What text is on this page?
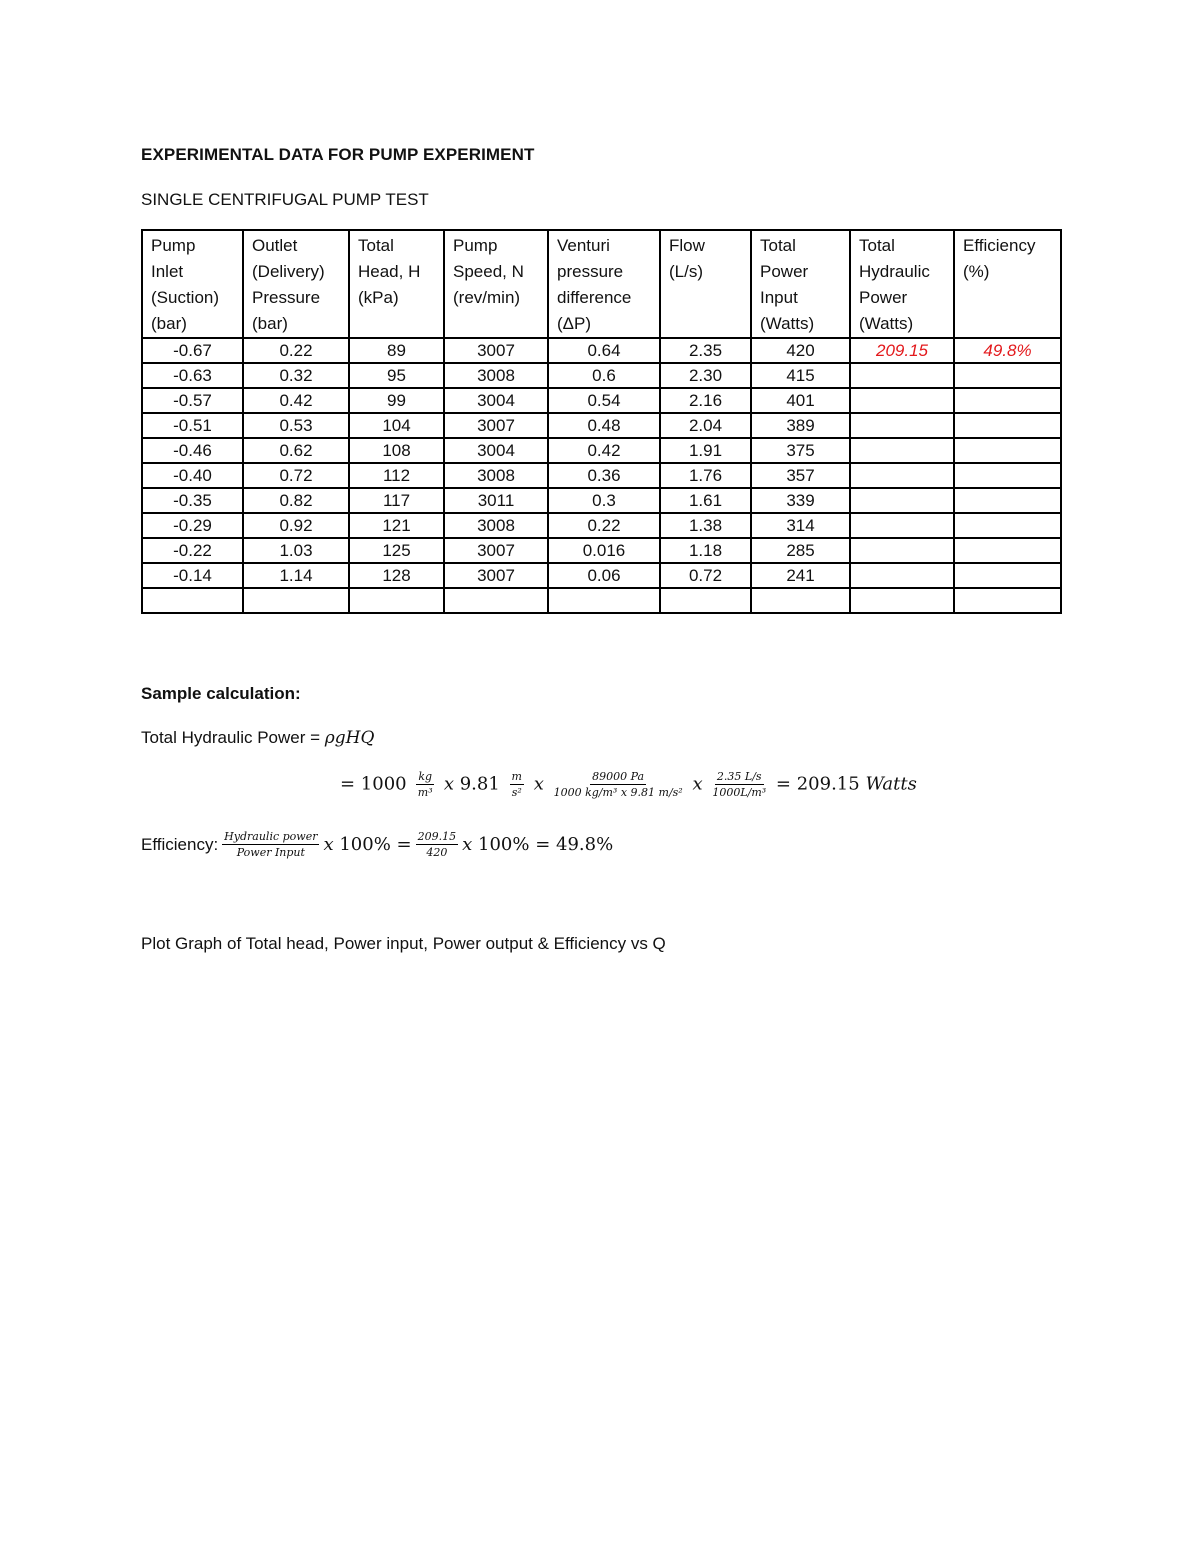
EXPERIMENTAL DATA FOR PUMP EXPERIMENT
SINGLE CENTRIFUGAL PUMP TEST
Pump
Inlet
(Suction)
(bar)	Outlet
(Delivery)
Pressure
(bar)	Total
Head, H
(kPa)	Pump
Speed, N
(rev/min)	Venturi
pressure
difference
(ΔP)	Flow
(L/s)	Total
Power
Input
(Watts)	Total
Hydraulic
Power
(Watts)	Efficiency
(%)
-0.67	0.22	89	3007	0.64	2.35	420	209.15	49.8%
-0.63	0.32	95	3008	0.6	2.30	415		
-0.57	0.42	99	3004	0.54	2.16	401		
-0.51	0.53	104	3007	0.48	2.04	389		
-0.46	0.62	108	3004	0.42	1.91	375		
-0.40	0.72	112	3008	0.36	1.76	357		
-0.35	0.82	117	3011	0.3	1.61	339		
-0.29	0.92	121	3008	0.22	1.38	314		
-0.22	1.03	125	3007	0.016	1.18	285		
-0.14	1.14	128	3007	0.06	0.72	241		

Sample calculation:
Total Hydraulic Power = ρgHQ
= $1000 \frac{kg}{\text{m³}}$ x $9.81 \frac{m}{\text{s²}}$ x $\frac{89000 Pa}{\text{1000 kg/m³ x 9.81 m/s²}}$ x $\frac{2.35 L/s}{\text{1000L/m³}} = 209.15$ Watts
Efficiency: $\frac{\text{Hydraulic power}}{\text{Power Input}}$ x
$100\% = \frac{209.15}{420}$ x
100% = 49.8%
Plot Graph of Total head, Power input, Power output & Efficiency vs Q
